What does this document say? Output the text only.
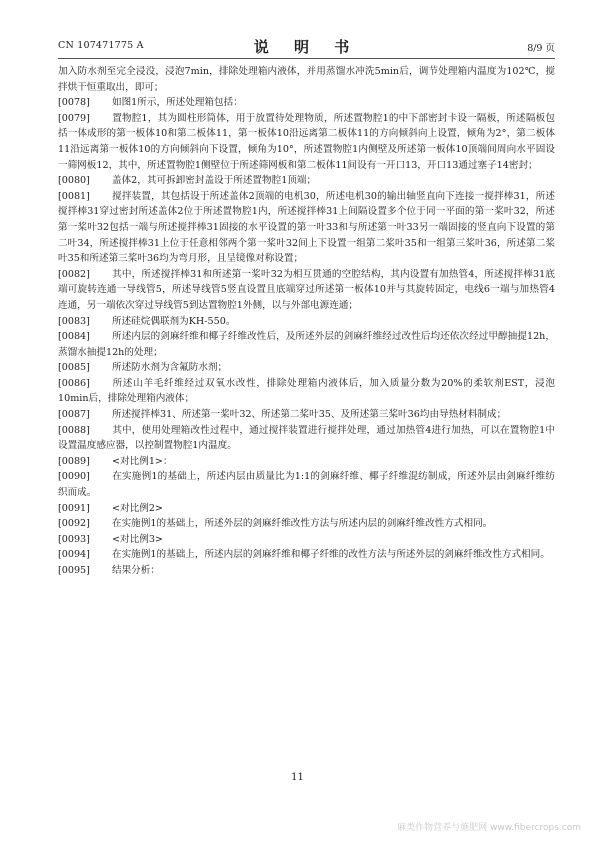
CN 107471775 A	说 明 书	8/9 页

加入防水剂至完全浸没，浸泡7min，排除处理箱内液体，并用蒸馏水冲洗5min后，调节处理箱内温度为102℃，搅拌烘干恒重取出，即可；

[0078] 如图1所示，所述处理箱包括：

[0079] 置物腔1，其为圆柱形筒体，用于放置待处理物质，所述置物腔1的中下部密封卡设一隔板，所述隔板包括一体成形的第一板体10和第二板体11，第一板体10沿远离第二板体11的方向倾斜向上设置，倾角为2°，第二板体11沿远离第一板体10的方向倾斜向下设置，倾角为10°，所述置物腔1内侧壁及所述第一板体10顶端间周向水平固设一筛网板12，其中，所述置物腔1侧壁位于所述筛网板和第二板体11间设有一开口13，开口13通过塞子14密封；

[0080] 盖体2，其可拆卸密封盖设于所述置物腔1顶端；

[0081] 搅拌装置，其包括设于所述盖体2顶端的电机30，所述电机30的输出轴竖直向下连接一搅拌棒31，所述搅拌棒31穿过密封所述盖体2位于所述置物腔1内，所述搅拌棒31上间隔设置多个位于同一平面的第一桨叶32，所述第一桨叶32包括一端与所述搅拌棒31固接的水平设置的第一叶33和与所述第一叶33另一端固接的竖直向下设置的第二叶34，所述搅拌棒31上位于任意相邻两个第一桨叶32间上下设置一组第二桨叶35和一组第三桨叶36，所述第二桨叶35和所述第三桨叶36均为弯月形，且呈镜像对称设置；

[0082] 其中，所述搅拌棒31和所述第一桨叶32为相互贯通的空腔结构，其内设置有加热管4，所述搅拌棒31底端可旋转连通一导线管5，所述导线管5竖直设置且底端穿过所述第一板体10并与其旋转固定，电线6一端与加热管4连通，另一端依次穿过导线管5到达置物腔1外侧，以与外部电源连通；

[0083] 所述硅烷偶联剂为KH-550。

[0084] 所述内层的剑麻纤维和椰子纤维改性后，及所述外层的剑麻纤维经过改性后均还依次经过甲醇抽提12h，蒸馏水抽提12h的处理；

[0085] 所述防水剂为含氟防水剂；

[0086] 所述山羊毛纤维经过双氧水改性，排除处理箱内液体后，加入质量分数为20%的柔软剂EST，浸泡10min后，排除处理箱内液体；

[0087] 所述搅拌棒31、所述第一桨叶32、所述第二桨叶35、及所述第三桨叶36均由导热材料制成；

[0088] 其中，使用处理箱改性过程中，通过搅拌装置进行搅拌处理，通过加热管4进行加热，可以在置物腔1中设置温度感应器，以控制置物腔1内温度。

[0089] <对比例1>：

[0090] 在实施例1的基础上，所述内层由质量比为1:1的剑麻纤维、椰子纤维混纺制成，所述外层由剑麻纤维纺织而成。

[0091] <对比例2>

[0092] 在实施例1的基础上，所述外层的剑麻纤维改性方法与所述内层的剑麻纤维改性方式相同。

[0093] <对比例3>

[0094] 在实施例1的基础上，所述内层的剑麻纤维和椰子纤维的改性方法与所述外层的剑麻纤维改性方式相同。

[0095] 结果分析：

11
麻类作物营养与施肥网 www.fibercrops.com
